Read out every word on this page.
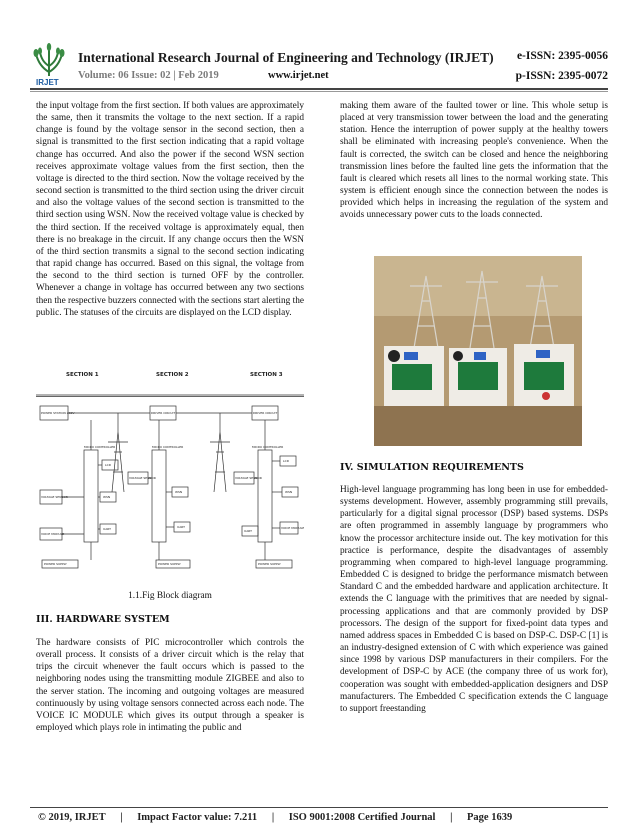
IRJET
International Research Journal of Engineering and Technology (IRJET) e-ISSN: 2395-0056
Volume: 06 Issue: 02 | Feb 2019	www.irjet.net	p-ISSN: 2395-0072

the input voltage from the first section. If both values are approximately the same, then it transmits the voltage to the next section. If a rapid change is found by the voltage sensor in the second section, then a signal is transmitted to the first section indicating that a rapid voltage change has occurred. And also the power if the second WSN section receives approximate voltage values from the first section, then the voltage is directed to the third section. Now the voltage received by the second section is transmitted to the third section using the driver circuit and also the voltage values of the second section is transmitted to the third section using WSN. Now the received voltage value is checked by the third section. If the received voltage is approximately equal, then there is no breakage in the circuit. If any change occurs then the WSN of the third section transmits a signal to the second section indicating that rapid change has occurred. Based on this signal, the voltage from the second to the third section is turned OFF by the controller. Whenever a change in voltage has occurred between any two sections then the respective buzzers connected with the sections start alerting the public. The statuses of the circuits are displayed on the LCD display.

SECTION 1	SECTION 2	SECTION 3
POWER STATION 230V	DRIVER CIRCUIT	DRIVER CIRCUIT
MICRO CONTROLLER	MICRO CONTROLLER	MICRO CONTROLLER
LCD
LCD
VOLTAGE SENSOR
VOLTAGE SENSOR	VOLTAGE SENSOR
WSN
WSN	WSN
VOICE MODULE
VOICE MODULE
UART	UART
UART
POWER SUPPLY	POWER SUPPLY	POWER SUPPLY
1.1.Fig Block diagram
III. HARDWARE SYSTEM
The hardware consists of PIC microcontroller which controls the overall process. It consists of a driver circuit which is the relay that trips the circuit whenever the fault occurs which is passed to the neighboring nodes using the transmitting module ZIGBEE and also to the server station. The incoming and outgoing voltages are measured continuously by using voltage sensors connected across each node. The VOICE IC MODULE which gives its output through a speaker is employed which plays role in intimating the public and

making them aware of the faulted tower or line. This whole setup is placed at very transmission tower between the load and the generating station. Hence the interruption of power supply at the healthy towers shall be eliminated with increasing people's convenience. When the fault is corrected, the switch can be closed and hence the neighboring transmission lines before the faulted line gets the information that the fault is cleared which resets all lines to the normal working state. This system is efficient enough since the connection between the nodes is provided which helps in increasing the regulation of the system and avoids unnecessary power cuts to the loads connected.

IV. SIMULATION REQUIREMENTS
High-level language programming has long been in use for embedded-systems development. However, assembly programming still prevails, particularly for a digital signal processor (DSP) based systems. DSPs are often programmed in assembly language by programmers who know the processor architecture inside out. The key motivation for this practice is performance, despite the disadvantages of assembly programming when compared to high-level language programming. Embedded C is designed to bridge the performance mismatch between Standard C and the embedded hardware and application architecture. It extends the C language with the primitives that are needed by signal-processing applications and that are commonly provided by DSP processors. The design of the support for fixed-point data types and named address spaces in Embedded C is based on DSP-C. DSP-C [1] is an industry-designed extension of C with which experience was gained since 1998 by various DSP manufacturers in their compilers. For the development of DSP-C by ACE (the company three of us work for), cooperation was sought with embedded-application designers and DSP manufacturers. The Embedded C specification extends the C language to support freestanding
© 2019, IRJET | Impact Factor value: 7.211 | ISO 9001:2008 Certified Journal | Page 1639
